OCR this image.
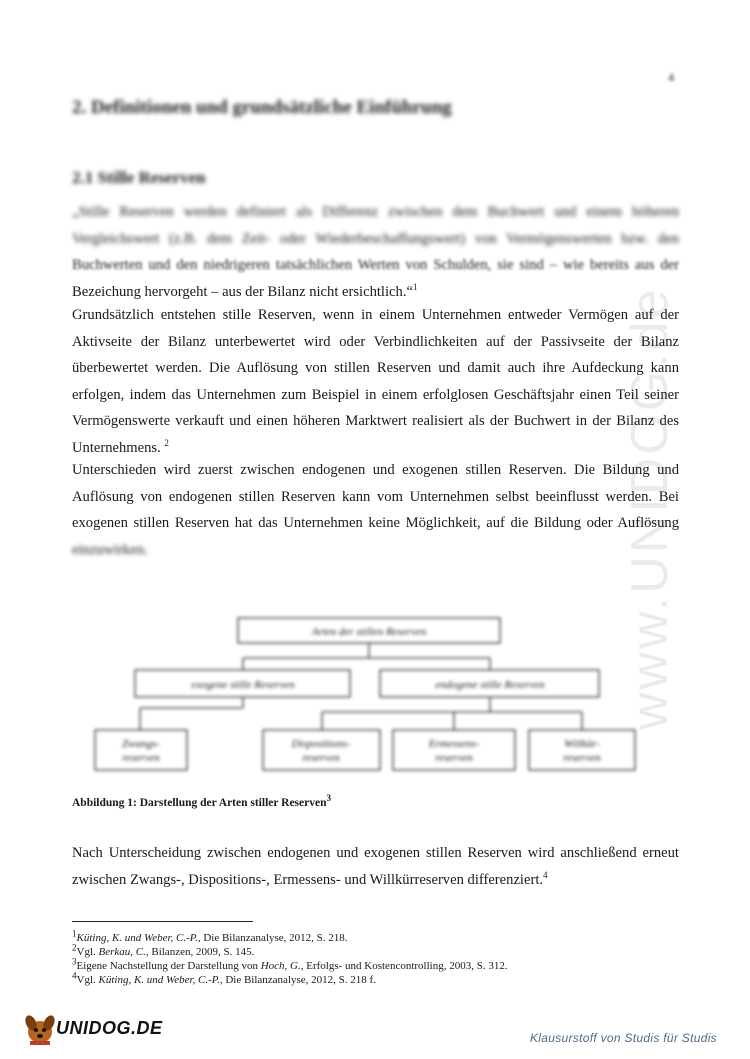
www.UNIDOG.de
4
2. Definitionen und grundsätzliche Einführung
2.1 Stille Reserven
„Stille Reserven werden definiert als Differenz zwischen dem Buchwert und einem höheren
Vergleichswert (z.B. dem Zeit- oder Wiederbeschaffungswert) von Vermögenswerten bzw. den
Buchwerten und den niedrigeren tatsächlichen Werten von Schulden, sie sind – wie bereits aus der
Bezeichung hervorgeht – aus der Bilanz nicht ersichtlich.“$^1$
Grundsätzlich entstehen stille Reserven, wenn in einem Unternehmen entweder Vermögen auf der
Aktivseite der Bilanz unterbewertet wird oder Verbindlichkeiten auf der Passivseite der Bilanz
überbewertet werden. Die Auflösung von stillen Reserven und damit auch ihre Aufdeckung kann
erfolgen, indem das Unternehmen zum Beispiel in einem erfolglosen Geschäftsjahr einen Teil seiner
Vermögenswerte verkauft und einen höheren Marktwert realisiert als der Buchwert in der Bilanz des
Unternehmens. $^2$
Unterschieden wird zuerst zwischen endogenen und exogenen stillen Reserven. Die Bildung und
Auflösung von endogenen stillen Reserven kann vom Unternehmen selbst beeinflusst werden. Bei
exogenen stillen Reserven hat das Unternehmen keine Möglichkeit, auf die Bildung oder Auflösung
einzuwirken.
Arten der stillen Reserven
exogene stille Reserven	endogene stille Reserven
Zwangs-
reserven
Dispositions-
reserven
Ermessens-
reserven
Willkür-
reserven
Abbildung 1: Darstellung der Arten stiller Reserven$^3$
Nach Unterscheidung zwischen endogenen und exogenen stillen Reserven wird anschließend erneut
zwischen Zwangs-, Dispositions-, Ermessens- und Willkürreserven differenziert.$^4$
$^1$Küting, K. und Weber, C.-P., Die Bilanzanalyse, 2012, S. 218.
$^2$Vgl. Berkau, C., Bilanzen, 2009, S. 145.
$^3$Eigene Nachstellung der Darstellung von Hoch, G., Erfolgs- und Kostencontrolling, 2003, S. 312.
$^4$Vgl. Küting, K. und Weber, C.-P., Die Bilanzanalyse, 2012, S. 218 f.
UNIDOG.DE	Klausurstoff von Studis für Studis
